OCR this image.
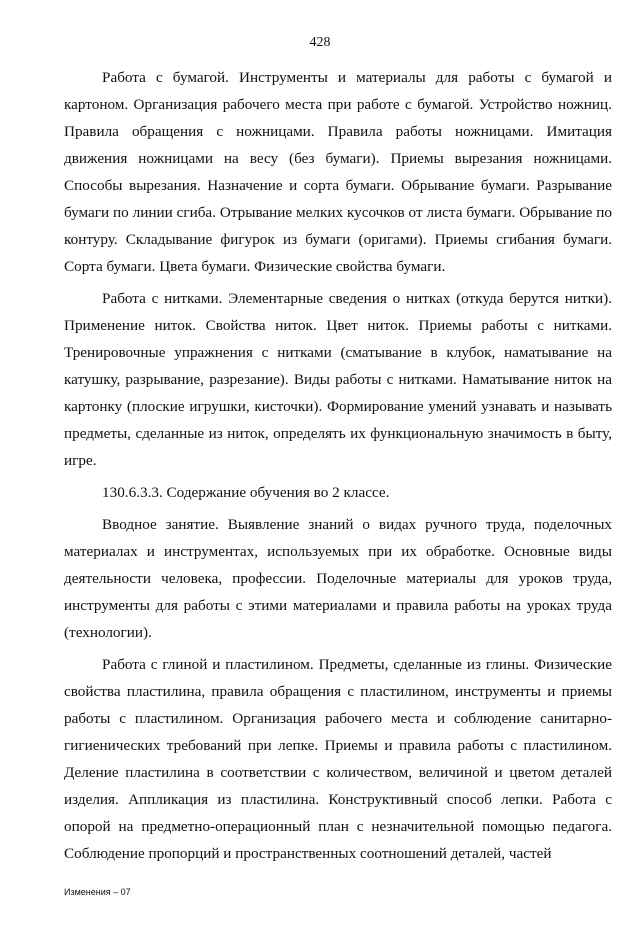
428

Работа с бумагой. Инструменты и материалы для работы с бумагой и картоном. Организация рабочего места при работе с бумагой. Устройство ножниц. Правила обращения с ножницами. Правила работы ножницами. Имитация движения ножницами на весу (без бумаги). Приемы вырезания ножницами. Способы вырезания. Назначение и сорта бумаги. Обрывание бумаги. Разрывание бумаги по линии сгиба. Отрывание мелких кусочков от листа бумаги. Обрывание по контуру. Складывание фигурок из бумаги (оригами). Приемы сгибания бумаги. Сорта бумаги. Цвета бумаги. Физические свойства бумаги.

Работа с нитками. Элементарные сведения о нитках (откуда берутся нитки). Применение ниток. Свойства ниток. Цвет ниток. Приемы работы с нитками. Тренировочные упражнения с нитками (сматывание в клубок, наматывание на катушку, разрывание, разрезание). Виды работы с нитками. Наматывание ниток на картонку (плоские игрушки, кисточки). Формирование умений узнавать и называть предметы, сделанные из ниток, определять их функциональную значимость в быту, игре.

130.6.3.3. Содержание обучения во 2 классе.

Вводное занятие. Выявление знаний о видах ручного труда, поделочных материалах и инструментах, используемых при их обработке. Основные виды деятельности человека, профессии. Поделочные материалы для уроков труда, инструменты для работы с этими материалами и правила работы на уроках труда (технологии).

Работа с глиной и пластилином. Предметы, сделанные из глины. Физические свойства пластилина, правила обращения с пластилином, инструменты и приемы работы с пластилином. Организация рабочего места и соблюдение санитарно-гигиенических требований при лепке. Приемы и правила работы с пластилином. Деление пластилина в соответствии с количеством, величиной и цветом деталей изделия. Аппликация из пластилина. Конструктивный способ лепки. Работа с опорой на предметно-операционный план с незначительной помощью педагога. Соблюдение пропорций и пространственных соотношений деталей, частей

Изменения – 07
